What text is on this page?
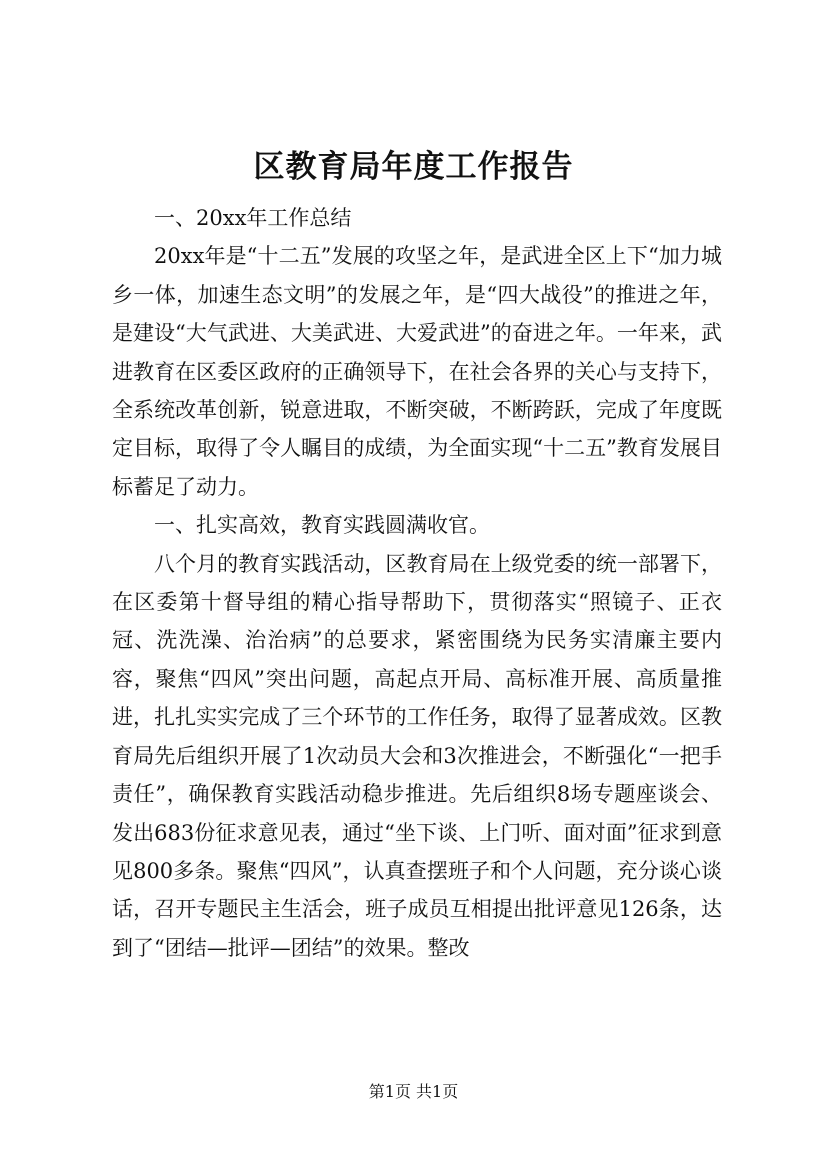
区教育局年度工作报告

一、20xx年工作总结

20xx年是“十二五”发展的攻坚之年，是武进全区上下“加力城乡一体，加速生态文明”的发展之年，是“四大战役”的推进之年，是建设“大气武进、大美武进、大爱武进”的奋进之年。一年来，武进教育在区委区政府的正确领导下，在社会各界的关心与支持下，全系统改革创新，锐意进取，不断突破，不断跨跃，完成了年度既定目标，取得了令人瞩目的成绩，为全面实现“十二五”教育发展目标蓄足了动力。

一、扎实高效，教育实践圆满收官。

八个月的教育实践活动，区教育局在上级党委的统一部署下，在区委第十督导组的精心指导帮助下，贯彻落实“照镜子、正衣冠、洗洗澡、治治病”的总要求，紧密围绕为民务实清廉主要内容，聚焦“四风”突出问题，高起点开局、高标准开展、高质量推进，扎扎实实完成了三个环节的工作任务，取得了显著成效。区教育局先后组织开展了1次动员大会和3次推进会，不断强化“一把手责任”，确保教育实践活动稳步推进。先后组织8场专题座谈会、发出683份征求意见表，通过“坐下谈、上门听、面对面”征求到意见800多条。聚焦“四风”，认真查摆班子和个人问题，充分谈心谈话，召开专题民主生活会，班子成员互相提出批评意见126条，达到了“团结—批评—团结”的效果。整改

第1页 共1页
